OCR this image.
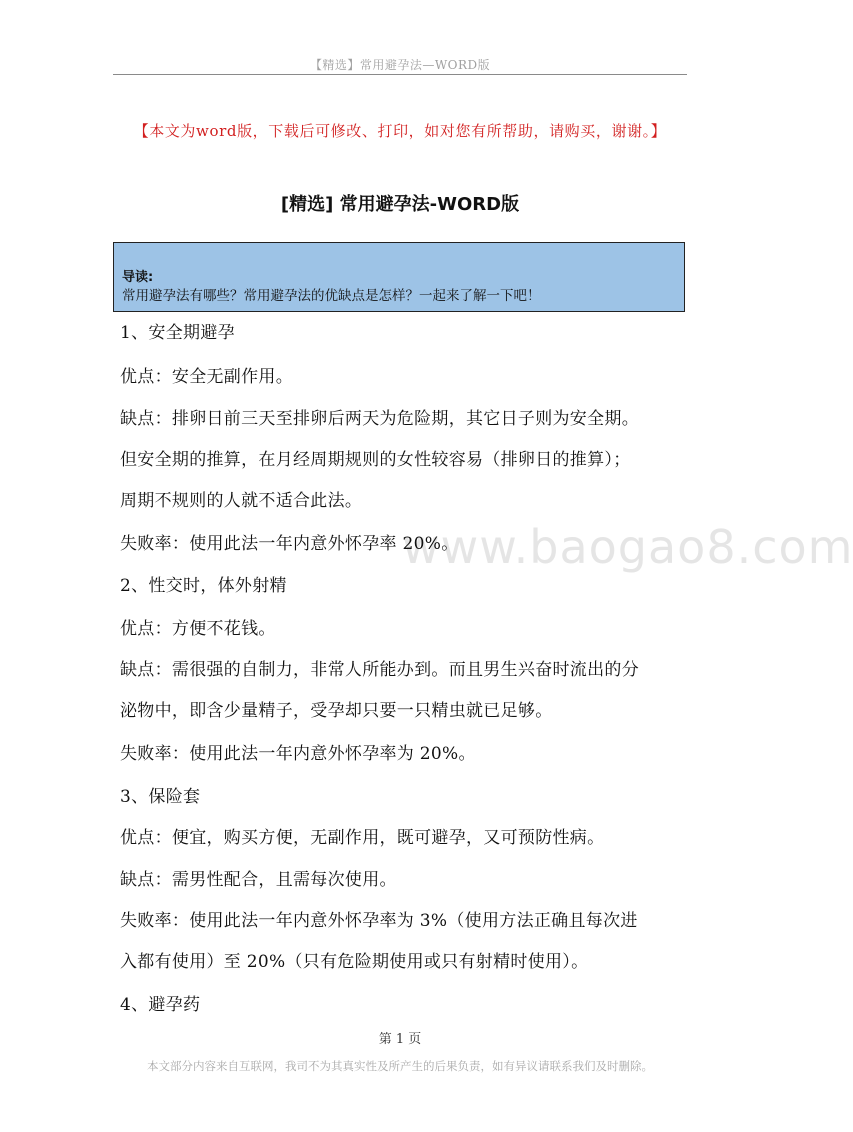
【精选】常用避孕法—WORD版
【本文为word版，下载后可修改、打印，如对您有所帮助，请购买，谢谢。】
[精选] 常用避孕法-WORD版
导读:
常用避孕法有哪些？常用避孕法的优缺点是怎样？一起来了解一下吧！
www.baogao8.com
1、安全期避孕
优点：安全无副作用。
缺点：排卵日前三天至排卵后两天为危险期，其它日子则为安全期。
但安全期的推算，在月经周期规则的女性较容易（排卵日的推算）；
周期不规则的人就不适合此法。
失败率：使用此法一年内意外怀孕率 20%。
2、性交时，体外射精
优点：方便不花钱。
缺点：需很强的自制力，非常人所能办到。而且男生兴奋时流出的分
泌物中，即含少量精子，受孕却只要一只精虫就已足够。
失败率：使用此法一年内意外怀孕率为 20%。
3、保险套
优点：便宜，购买方便，无副作用，既可避孕，又可预防性病。
缺点：需男性配合，且需每次使用。
失败率：使用此法一年内意外怀孕率为 3%（使用方法正确且每次进
入都有使用）至 20%（只有危险期使用或只有射精时使用）。
4、避孕药
第 1 页
本文部分内容来自互联网，我司不为其真实性及所产生的后果负责，如有异议请联系我们及时删除。
